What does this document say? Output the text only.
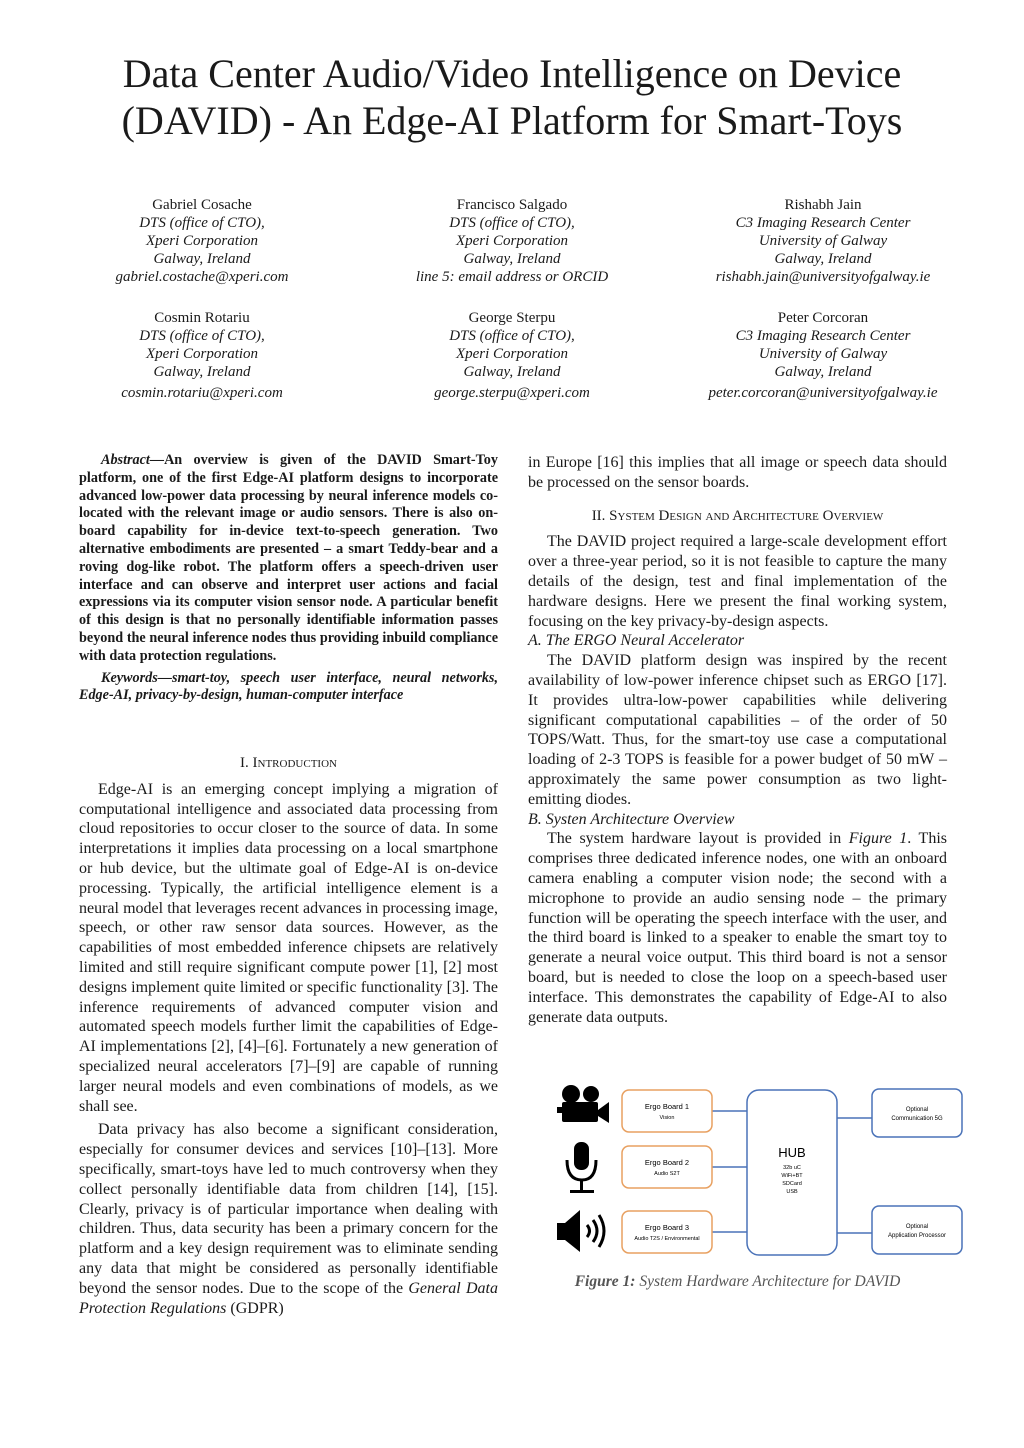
Data Center Audio/Video Intelligence on Device
(DAVID) - An Edge-AI Platform for Smart-Toys
Gabriel Cosache
DTS (office of CTO),
Xperi Corporation
Galway, Ireland
gabriel.costache@xperi.com
Francisco Salgado
DTS (office of CTO),
Xperi Corporation
Galway, Ireland
line 5: email address or ORCID
Rishabh Jain
C3 Imaging Research Center
University of Galway
Galway, Ireland
rishabh.jain@universityofgalway.ie
Cosmin Rotariu
DTS (office of CTO),
Xperi Corporation
Galway, Ireland
cosmin.rotariu@xperi.com
George Sterpu
DTS (office of CTO),
Xperi Corporation
Galway, Ireland
george.sterpu@xperi.com
Peter Corcoran
C3 Imaging Research Center
University of Galway
Galway, Ireland
peter.corcoran@universityofgalway.ie

Abstract—An overview is given of the DAVID Smart-Toy platform, one of the first Edge-AI platform designs to incorporate advanced low-power data processing by neural inference models co-located with the relevant image or audio sensors. There is also on-board capability for in-device text-to-speech generation. Two alternative embodiments are presented – a smart Teddy-bear and a roving dog-like robot. The platform offers a speech-driven user interface and can observe and interpret user actions and facial expressions via its computer vision sensor node. A particular benefit of this design is that no personally identifiable information passes beyond the neural inference nodes thus providing inbuild compliance with data protection regulations.

Keywords—smart-toy, speech user interface, neural networks, Edge-AI, privacy-by-design, human-computer interface

I. Introduction

Edge-AI is an emerging concept implying a migration of computational intelligence and associated data processing from cloud repositories to occur closer to the source of data. In some interpretations it implies data processing on a local smartphone or hub device, but the ultimate goal of Edge-AI is on-device processing. Typically, the artificial intelligence element is a neural model that leverages recent advances in processing image, speech, or other raw sensor data sources. However, as the capabilities of most embedded inference chipsets are relatively limited and still require significant compute power [1], [2] most designs implement quite limited or specific functionality [3]. The inference requirements of advanced computer vision and automated speech models further limit the capabilities of Edge-AI implementations [2], [4]–[6]. Fortunately a new generation of specialized neural accelerators [7]–[9] are capable of running larger neural models and even combinations of models, as we shall see.

Data privacy has also become a significant consideration, especially for consumer devices and services [10]–[13]. More specifically, smart-toys have led to much controversy when they collect personally identifiable data from children [14], [15]. Clearly, privacy is of particular importance when dealing with children. Thus, data security has been a primary concern for the platform and a key design requirement was to eliminate sending any data that might be considered as personally identifiable beyond the sensor nodes. Due to the scope of the General Data Protection Regulations (GDPR)

in Europe [16] this implies that all image or speech data should be processed on the sensor boards.

II. System Design and Architecture Overview

The DAVID project required a large-scale development effort over a three-year period, so it is not feasible to capture the many details of the design, test and final implementation of the hardware designs. Here we present the final working system, focusing on the key privacy-by-design aspects.

A. The ERGO Neural Accelerator

The DAVID platform design was inspired by the recent availability of low-power inference chipset such as ERGO [17]. It provides ultra-low-power capabilities while delivering significant computational capabilities – of the order of 50 TOPS/Watt. Thus, for the smart-toy use case a computational loading of 2-3 TOPS is feasible for a power budget of 50 mW – approximately the same power consumption as two light-emitting diodes.

B. Systen Architecture Overview

The system hardware layout is provided in Figure 1. This comprises three dedicated inference nodes, one with an onboard camera enabling a computer vision node; the second with a microphone to provide an audio sensing node – the primary function will be operating the speech interface with the user, and the third board is linked to a speaker to enable the smart toy to generate a neural voice output. This third board is not a sensor board, but is needed to close the loop on a speech-based user interface. This demonstrates the capability of Edge-AI to also generate data outputs.

Ergo Board 1
Vision
Ergo Board 2
Audio S2T
Ergo Board 3
Audio T2S / Environmental
HUB
32b uC
WiFi+BT
SDCard
USB
Optional
Communication 5G
Optional
Application Processor
Figure 1: System Hardware Architecture for DAVID
